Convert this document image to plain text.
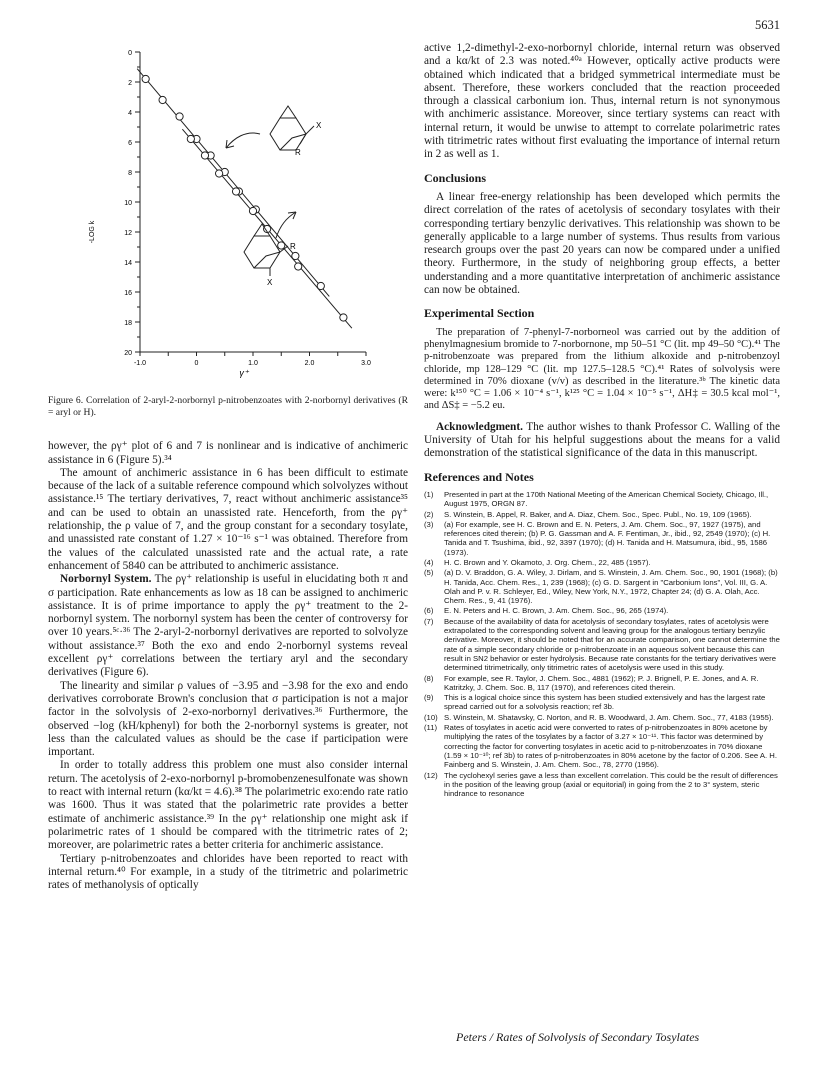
5631
0
2
4
6
8
10
12
14
16
18
20
-1.0	0	1.0	2.0	3.0
X
R
R
X
-LOG k
γ⁺
Figure 6. Correlation of 2-aryl-2-norbornyl p-nitrobenzoates with 2-norbornyl derivatives (R = aryl or H).

however, the ργ⁺ plot of 6 and 7 is nonlinear and is indicative of anchimeric assistance in 6 (Figure 5).³⁴

The amount of anchimeric assistance in 6 has been difficult to estimate because of the lack of a suitable reference compound which solvolyzes without assistance.¹⁵ The tertiary derivatives, 7, react without anchimeric assistance³⁵ and can be used to obtain an unassisted rate. Henceforth, from the ργ⁺ relationship, the ρ value of 7, and the group constant for a secondary tosylate, and unassisted rate constant of 1.27 × 10⁻¹⁶ s⁻¹ was obtained. Therefore from the values of the calculated unassisted rate and the actual rate, a rate enhancement of 5840 can be attributed to anchimeric assistance.

Norbornyl System. The ργ⁺ relationship is useful in elucidating both π and σ participation. Rate enhancements as low as 18 can be assigned to anchimeric assistance. It is of prime importance to apply the ργ⁺ treatment to the 2-norbornyl system. The norbornyl system has been the center of controversy for over 10 years.⁵ᶜ·³⁶ The 2-aryl-2-norbornyl derivatives are reported to solvolyze without assistance.³⁷ Both the exo and endo 2-norbornyl systems reveal excellent ργ⁺ correlations between the tertiary aryl and the secondary derivatives (Figure 6).

The linearity and similar ρ values of −3.95 and −3.98 for the exo and endo derivatives corroborate Brown's conclusion that σ participation is not a major factor in the solvolysis of 2-exo-norbornyl derivatives.³⁶ Furthermore, the observed −log (kH/kphenyl) for both the 2-norbornyl systems is greater, not less than the calculated values as should be the case if participation were important.

In order to totally address this problem one must also consider internal return. The acetolysis of 2-exo-norbornyl p-bromobenzenesulfonate was shown to react with internal return (kα/kt = 4.6).³⁸ The polarimetric exo:endo rate ratio was 1600. Thus it was stated that the polarimetric rate provides a better estimate of anchimeric assistance.³⁹ In the ργ⁺ relationship one might ask if polarimetric rates of 1 should be compared with the titrimetric rates of 2; moreover, are polarimetric rates a better criteria for anchimeric assistance.

Tertiary p-nitrobenzoates and chlorides have been reported to react with internal return.⁴⁰ For example, in a study of the titrimetric and polarimetric rates of methanolysis of optically

active 1,2-dimethyl-2-exo-norbornyl chloride, internal return was observed and a kα/kt of 2.3 was noted.⁴⁰ᵃ However, optically active products were obtained which indicated that a bridged symmetrical intermediate must be absent. Therefore, these workers concluded that the reaction proceeded through a classical carbonium ion. Thus, internal return is not synonymous with anchimeric assistance. Moreover, since tertiary systems can react with internal return, it would be unwise to attempt to correlate polarimetric rates with titrimetric rates without first evaluating the importance of internal return in 2 as well as 1.

Conclusions

A linear free-energy relationship has been developed which permits the direct correlation of the rates of acetolysis of secondary tosylates with their corresponding tertiary benzylic derivatives. This relationship was shown to be generally applicable to a large number of systems. Thus results from various research groups over the past 20 years can now be compared under a unified theory. Furthermore, in the study of neighboring group effects, a better understanding and a more quantitative interpretation of anchimeric assistance can now be obtained.

Experimental Section

The preparation of 7-phenyl-7-norborneol was carried out by the addition of phenylmagnesium bromide to 7-norbornone, mp 50–51 °C (lit. mp 49–50 °C).⁴¹ The p-nitrobenzoate was prepared from the lithium alkoxide and p-nitrobenzoyl chloride, mp 128–129 °C (lit. mp 127.5–128.5 °C).⁴¹ Rates of solvolysis were determined in 70% dioxane (v/v) as described in the literature.³ᵇ The kinetic data were: k¹⁵⁰ °C = 1.06 × 10⁻⁴ s⁻¹, k¹²⁵ °C = 1.04 × 10⁻⁵ s⁻¹, ΔH‡ = 30.5 kcal mol⁻¹, and ΔS‡ = −5.2 eu.

Acknowledgment. The author wishes to thank Professor C. Walling of the University of Utah for his helpful suggestions about the means for a valid demonstration of the statistical significance of the data in this manuscript.

References and Notes
(1)	Presented in part at the 170th National Meeting of the American Chemical Society, Chicago, Ill., August 1975, ORGN 87.
(2)	S. Winstein, B. Appel, R. Baker, and A. Diaz, Chem. Soc., Spec. Publ., No. 19, 109 (1965).
(3)	(a) For example, see H. C. Brown and E. N. Peters, J. Am. Chem. Soc., 97, 1927 (1975), and references cited therein; (b) P. G. Gassman and A. F. Fentiman, Jr., ibid., 92, 2549 (1970); (c) H. Tanida and T. Tsushima, ibid., 92, 3397 (1970); (d) H. Tanida and H. Matsumura, ibid., 95, 1586 (1973).
(4)	H. C. Brown and Y. Okamoto, J. Org. Chem., 22, 485 (1957).
(5)	(a) D. V. Braddon, G. A. Wiley, J. Dirlam, and S. Winstein, J. Am. Chem. Soc., 90, 1901 (1968); (b) H. Tanida, Acc. Chem. Res., 1, 239 (1968); (c) G. D. Sargent in "Carbonium Ions", Vol. III, G. A. Olah and P. v. R. Schleyer, Ed., Wiley, New York, N.Y., 1972, Chapter 24; (d) G. A. Olah, Acc. Chem. Res., 9, 41 (1976).
(6)	E. N. Peters and H. C. Brown, J. Am. Chem. Soc., 96, 265 (1974).
(7)	Because of the availability of data for acetolysis of secondary tosylates, rates of acetolysis were extrapolated to the corresponding solvent and leaving group for the analogous tertiary benzylic derivative. Moreover, it should be noted that for an accurate comparison, one cannot determine the rate of a simple secondary chloride or p-nitrobenzoate in an aqueous solvent because this can result in SN2 behavior or ester hydrolysis. Because rate constants for the tertiary derivatives were determined titrimetrically, only titrimetric rates of acetolysis were used in this study.
(8)	For example, see R. Taylor, J. Chem. Soc., 4881 (1962); P. J. Brignell, P. E. Jones, and A. R. Katritzky, J. Chem. Soc. B, 117 (1970), and references cited therein.
(9)	This is a logical choice since this system has been studied extensively and has the largest rate spread carried out for a solvolysis reaction; ref 3b.
(10) S. Winstein, M. Shatavsky, C. Norton, and R. B. Woodward, J. Am. Chem. Soc., 77, 4183 (1955).
(11) Rates of tosylates in acetic acid were converted to rates of p-nitrobenzoates in 80% acetone by multiplying the rates of the tosylates by a factor of 3.27 × 10⁻¹¹. This factor was determined by correcting the factor for converting tosylates in acetic acid to p-nitrobenzoates in 70% dioxane (1.59 × 10⁻¹⁰; ref 3b) to rates of p-nitrobenzoates in 80% acetone by the factor of 0.206. See A. H. Fainberg and S. Winstein, J. Am. Chem. Soc., 78, 2770 (1956).
(12) The cyclohexyl series gave a less than excellent correlation. This could be the result of differences in the position of the leaving group (axial or equitorial) in going from the 2 to 3° system, steric hindrance to resonance
Peters / Rates of Solvolysis of Secondary Tosylates
